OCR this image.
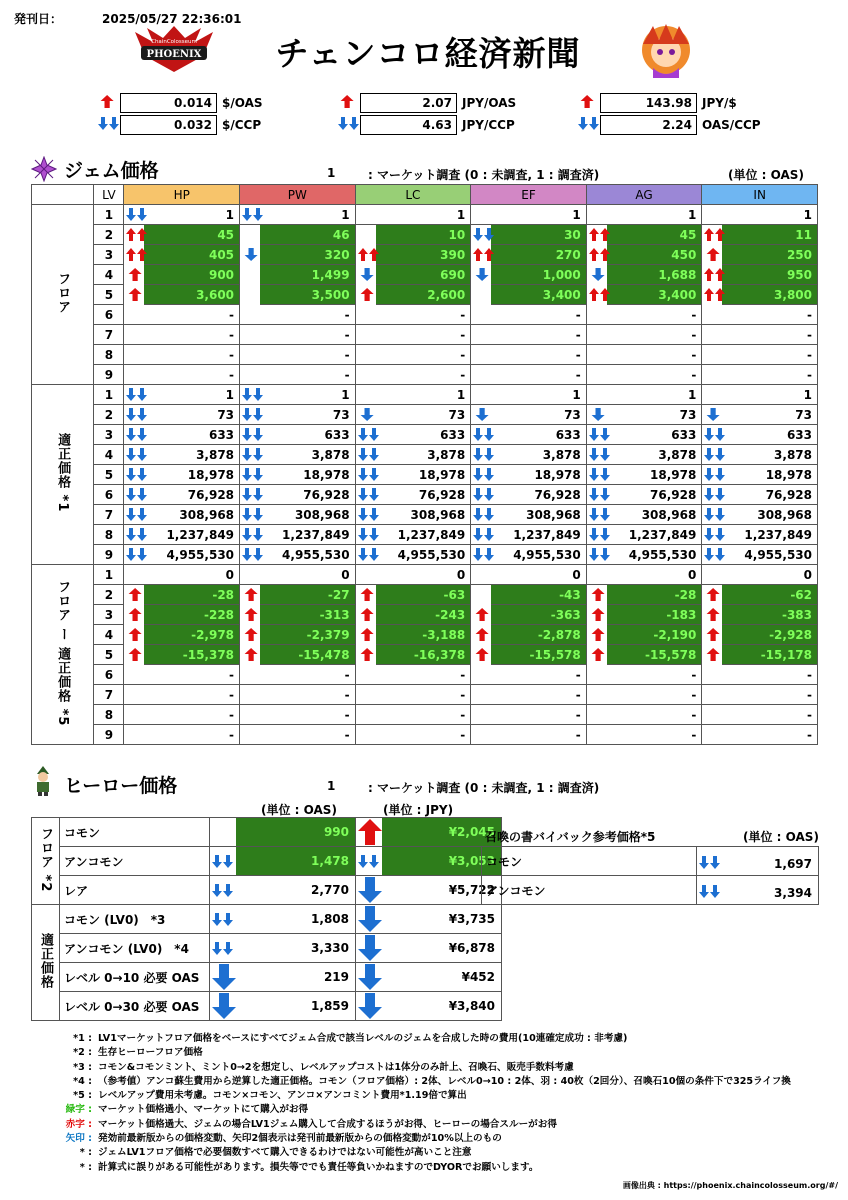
発刊日：	2025/05/27 22:36:01
ChainColosseum
PHOENIX	チェンコロ経済新聞
0.014 $/OAS	2.07 JPY/OAS	143.98 JPY/$
0.032 $/CCP	4.63 JPY/CCP	2.24 OAS/CCP
ジェム価格	1	: マーケット調査 (0 : 未調査, 1 : 調査済)	(単位 : OAS)
	LV	HP	PW	LC	EF	AG	IN
フロア	1	1	1	1	1	1	1
	2	45	46	10	30	45	11
	3	405	320	390	270	450	250
	4	900	1,499	690	1,000	1,688	950
	5	3,600	3,500	2,600	3,400	3,400	3,800
	6	-	-	-	-	-	-
	7	-	-	-	-	-	-
	8	-	-	-	-	-	-
	9	-	-	-	-	-	-
適正価格 *1	1	1	1	1	1	1	1
	2	73	73	73	73	73	73
	3	633	633	633	633	633	633
	4	3,878	3,878	3,878	3,878	3,878	3,878
	5	18,978	18,978	18,978	18,978	18,978	18,978
	6	76,928	76,928	76,928	76,928	76,928	76,928
	7	308,968	308,968	308,968	308,968	308,968	308,968
	8	1,237,849	1,237,849	1,237,849	1,237,849	1,237,849	1,237,849
	9	4,955,530	4,955,530	4,955,530	4,955,530	4,955,530	4,955,530
フロア ー 適正価格 *5	1	0	0	0	0	0	0
	2	-28	-27	-63	-43	-28	-62
	3	-228	-313	-243	-363	-183	-383
	4	-2,978	-2,379	-3,188	-2,878	-2,190	-2,928
	5	-15,378	-15,478	-16,378	-15,578	-15,578	-15,178
	6	-	-	-	-	-	-
	7	-	-	-	-	-	-
	8	-	-	-	-	-	-
	9	-	-	-	-	-	-
ヒーロー価格	1	: マーケット調査 (0 : 未調査, 1 : 調査済)
(単位 : OAS)	(単位 : JPY)
フロア *2	コモン	990	¥2,045
	アンコモン	1,478	¥3,053
	レア	2,770	¥5,722
適正価格	コモン (LV0)　*3	1,808	¥3,735
	アンコモン (LV0)　*4	3,330	¥6,878
	レベル 0→10 必要 OAS	219	¥452
	レベル 0→30 必要 OAS	1,859	¥3,840
召喚の書バイバック参考価格*5	(単位 : OAS)
コモン	1,697
アンコモン	3,394
*1 : LV1マーケットフロア価格をベースにすべてジェム合成で該当レベルのジェムを合成した時の費用(10連確定成功 : 非考慮)
*2 : 生存ヒーローフロア価格
*3 : コモン&コモンミント、ミント0→2を想定し、レベルアップコストは1体分のみ計上、召喚石、販売手数料考慮
*4 : （参考値）アンコ蘇生費用から逆算した適正価格。コモン（フロア価格）: 2体、レベル0→10 : 2体、羽 : 40枚（2回分）、召喚石10個の条件下で325ライフ換
*5 : レベルアップ費用未考慮。コモン×コモン、アンコ×アンコミント費用*1.19倍で算出
緑字 : マーケット価格過小、マーケットにて購入がお得
赤字 : マーケット価格過大、ジェムの場合LV1ジェム購入して合成するほうがお得、ヒーローの場合スルーがお得
矢印 : 発効前最新版からの価格変動、矢印2個表示は発刊前最新版からの価格変動が10%以上のもの
* : ジェムLV1フロア価格で必要個数すべて購入できるわけではない可能性が高いこと注意
* : 計算式に誤りがある可能性があります。損失等ででも責任等負いかねますのでDYORでお願いします。
画像出典 : https://phoenix.chaincolosseum.org/#/
